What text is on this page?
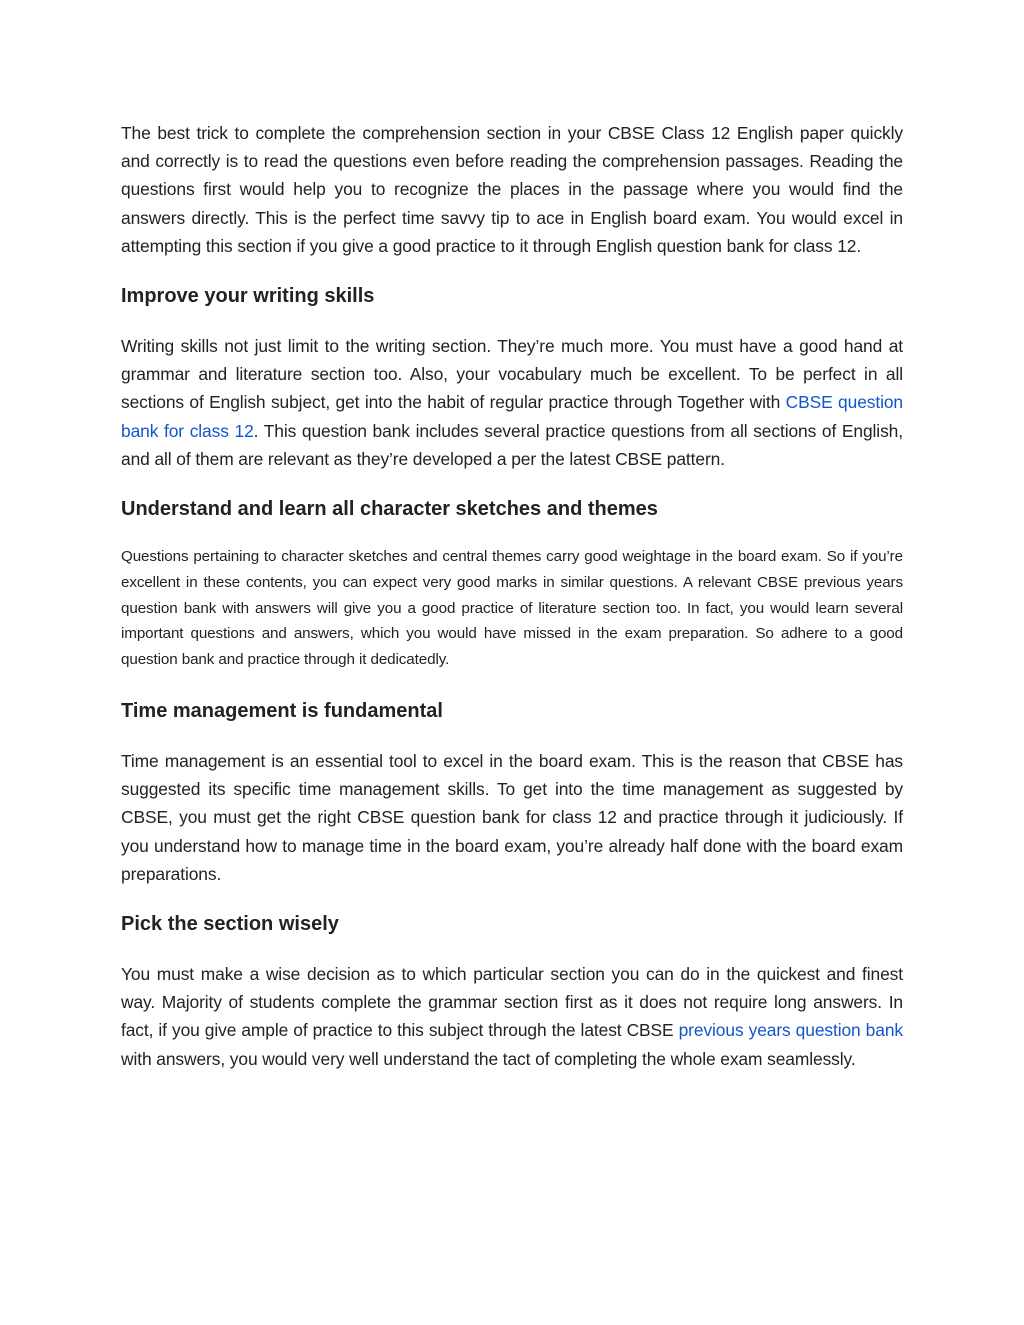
The best trick to complete the comprehension section in your CBSE Class 12 English paper quickly and correctly is to read the questions even before reading the comprehension passages. Reading the questions first would help you to recognize the places in the passage where you would find the answers directly. This is the perfect time savvy tip to ace in English board exam. You would excel in attempting this section if you give a good practice to it through English question bank for class 12.

Improve your writing skills

Writing skills not just limit to the writing section. They’re much more. You must have a good hand at grammar and literature section too. Also, your vocabulary much be excellent. To be perfect in all sections of English subject, get into the habit of regular practice through Together with CBSE question bank for class 12. This question bank includes several practice questions from all sections of English, and all of them are relevant as they’re developed a per the latest CBSE pattern.

Understand and learn all character sketches and themes

Questions pertaining to character sketches and central themes carry good weightage in the board exam. So if you’re excellent in these contents, you can expect very good marks in similar questions. A relevant CBSE previous years question bank with answers will give you a good practice of literature section too. In fact, you would learn several important questions and answers, which you would have missed in the exam preparation. So adhere to a good question bank and practice through it dedicatedly.

Time management is fundamental

Time management is an essential tool to excel in the board exam. This is the reason that CBSE has suggested its specific time management skills. To get into the time management as suggested by CBSE, you must get the right CBSE question bank for class 12 and practice through it judiciously. If you understand how to manage time in the board exam, you’re already half done with the board exam preparations.

Pick the section wisely

You must make a wise decision as to which particular section you can do in the quickest and finest way. Majority of students complete the grammar section first as it does not require long answers. In fact, if you give ample of practice to this subject through the latest CBSE previous years question bank with answers, you would very well understand the tact of completing the whole exam seamlessly.
